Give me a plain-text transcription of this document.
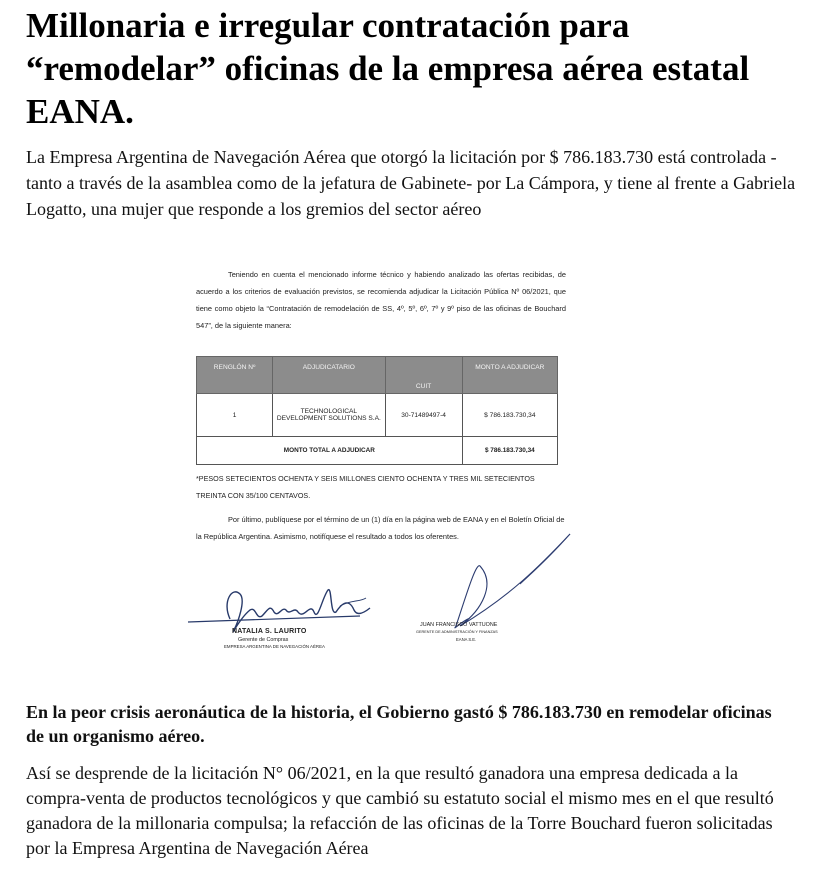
Millonaria e irregular contratación para “remodelar” oficinas de la empresa aérea estatal EANA.

La Empresa Argentina de Navegación Aérea que otorgó la licitación por $ 786.183.730 está controlada -tanto a través de la asamblea como de la jefatura de Gabinete- por La Cámpora, y tiene al frente a Gabriela Logatto, una mujer que responde a los gremios del sector aéreo

Teniendo en cuenta el mencionado informe técnico y habiendo analizado las ofertas recibidas, de acuerdo a los criterios de evaluación previstos, se recomienda adjudicar la Licitación Pública Nº 06/2021, que tiene como objeto la “Contratación de remodelación de SS, 4º, 5º, 6º, 7º y 9º piso de las oficinas de Bouchard 547”, de la siguiente manera:
RENGLÓN Nº	ADJUDICATARIO	CUIT	MONTO A ADJUDICAR
1	TECHNOLOGICAL DEVELOPMENT SOLUTIONS S.A.	30-71489497-4	$ 786.183.730,34
MONTO TOTAL A ADJUDICAR			$ 786.183.730,34
*PESOS SETECIENTOS OCHENTA Y SEIS MILLONES CIENTO OCHENTA Y TRES MIL SETECIENTOS TREINTA CON 35/100 CENTAVOS.
Por último, publíquese por el término de un (1) día en la página web de EANA y en el Boletín Oficial de la República Argentina. Asimismo, notifíquese el resultado a todos los oferentes.
NATALIA S. LAURITO
Gerente de Compras
EMPRESA ARGENTINA DE NAVEGACIÓN AÉREA
JUAN FRANCISCO VATTUONE
GERENTE DE ADMINISTRACIÓN Y FINANZAS
EANA S.E.

En la peor crisis aeronáutica de la historia, el Gobierno gastó $ 786.183.730 en remodelar oficinas de un organismo aéreo.

Así se desprende de la licitación N° 06/2021, en la que resultó ganadora una empresa dedicada a la compra-venta de productos tecnológicos y que cambió su estatuto social el mismo mes en el que resultó ganadora de la millonaria compulsa; la refacción de las oficinas de la Torre Bouchard fueron solicitadas por la Empresa Argentina de Navegación Aérea
